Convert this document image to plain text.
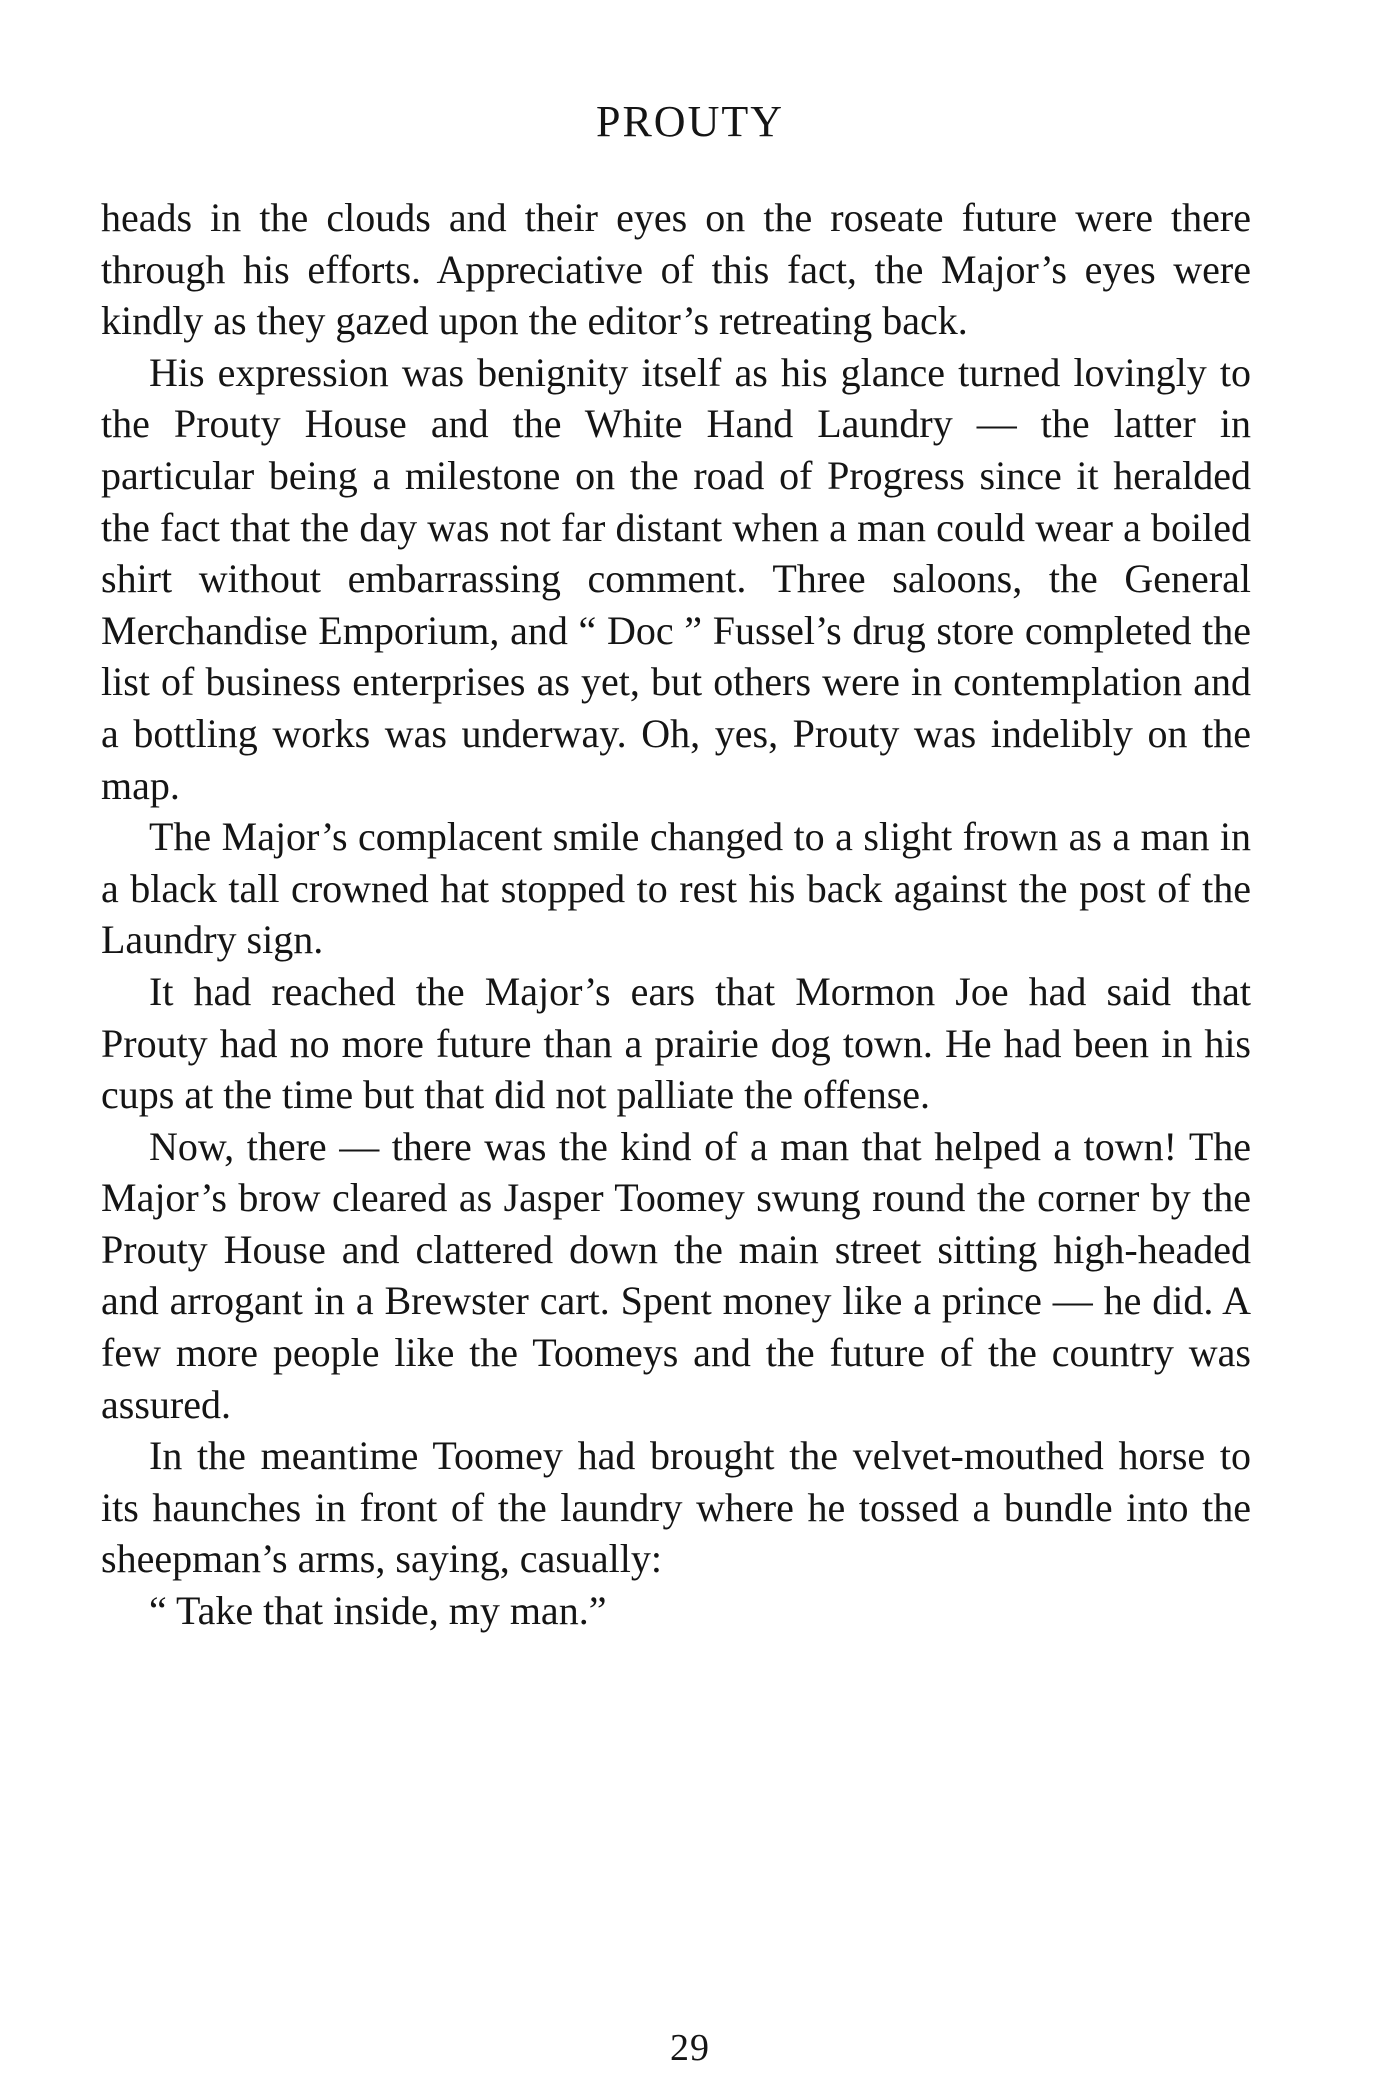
PROUTY

heads in the clouds and their eyes on the roseate future were there through his efforts. Appreciative of this fact, the Major’s eyes were kindly as they gazed upon the editor’s retreating back.

His expression was benignity itself as his glance turned lovingly to the Prouty House and the White Hand Laundry — the latter in particular being a milestone on the road of Progress since it heralded the fact that the day was not far distant when a man could wear a boiled shirt without embarrassing comment. Three saloons, the General Merchandise Emporium, and “ Doc ” Fussel’s drug store completed the list of business enterprises as yet, but others were in contemplation and a bottling works was underway. Oh, yes, Prouty was indelibly on the map.

The Major’s complacent smile changed to a slight frown as a man in a black tall crowned hat stopped to rest his back against the post of the Laundry sign.

It had reached the Major’s ears that Mormon Joe had said that Prouty had no more future than a prairie dog town. He had been in his cups at the time but that did not palliate the offense.

Now, there — there was the kind of a man that helped a town! The Major’s brow cleared as Jasper Toomey swung round the corner by the Prouty House and clattered down the main street sitting high-headed and arrogant in a Brewster cart. Spent money like a prince — he did. A few more people like the Toomeys and the future of the country was assured.

In the meantime Toomey had brought the velvet-mouthed horse to its haunches in front of the laundry where he tossed a bundle into the sheepman’s arms, saying, casually:

“ Take that inside, my man.”

29
